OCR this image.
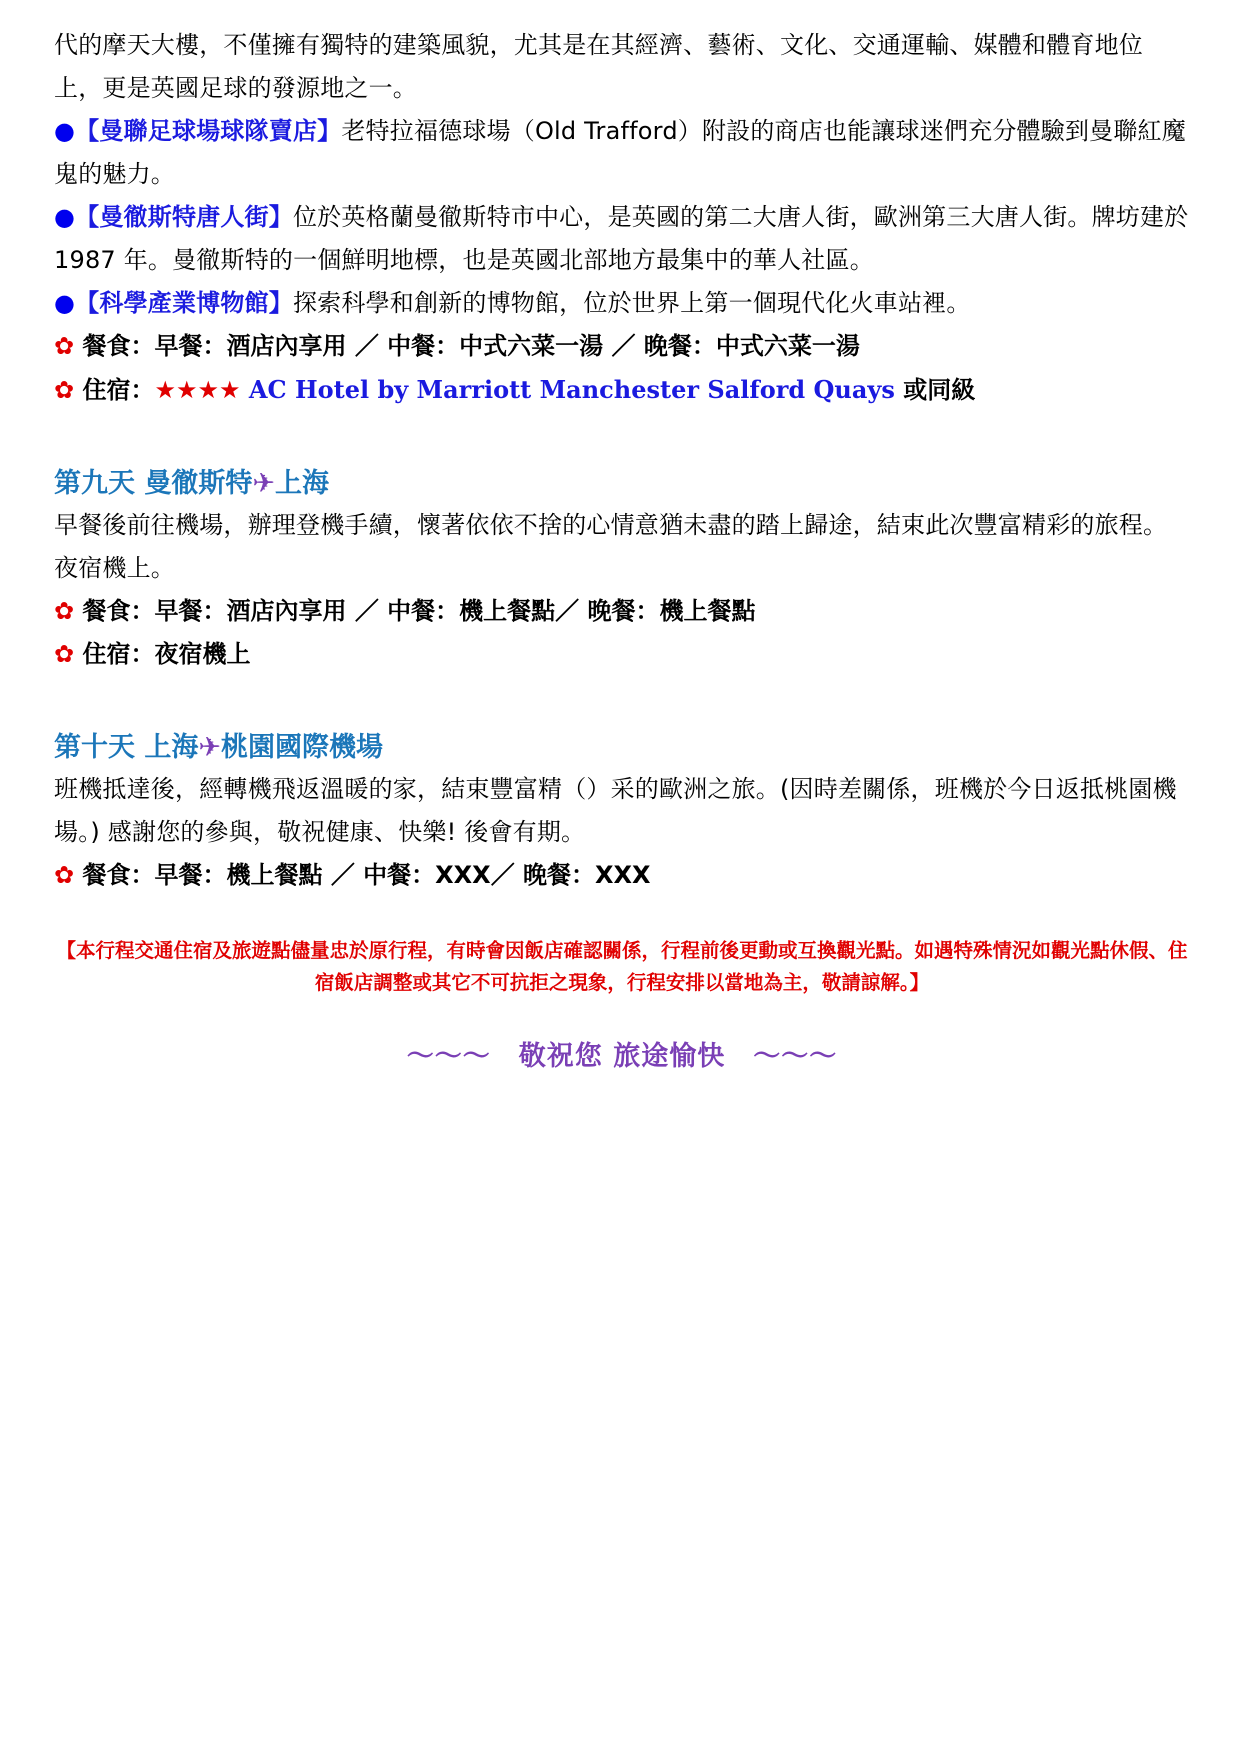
代的摩天大樓，不僅擁有獨特的建築風貌，尤其是在其經濟、藝術、文化、交通運輸、媒體和體育地位上，更是英國足球的發源地之一。

●【曼聯足球場球隊賣店】老特拉福德球場（Old Trafford）附設的商店也能讓球迷們充分體驗到曼聯紅魔鬼的魅力。

●【曼徹斯特唐人街】位於英格蘭曼徹斯特市中心，是英國的第二大唐人街，歐洲第三大唐人街。牌坊建於 1987 年。曼徹斯特的一個鮮明地標，也是英國北部地方最集中的華人社區。

●【科學產業博物館】探索科學和創新的博物館，位於世界上第一個現代化火車站裡。

✿ 餐食：早餐：酒店內享用 ／ 中餐：中式六菜一湯 ／ 晚餐：中式六菜一湯

✿ 住宿：★★★★ AC Hotel by Marriott Manchester Salford Quays 或同級

第九天 曼徹斯特✈上海

早餐後前往機場，辦理登機手續，懷著依依不捨的心情意猶未盡的踏上歸途，結束此次豐富精彩的旅程。夜宿機上。

✿ 餐食：早餐：酒店內享用 ／ 中餐：機上餐點／ 晚餐：機上餐點

✿ 住宿：夜宿機上

第十天 上海✈桃園國際機場

班機抵達後，經轉機飛返溫暖的家，結束豐富精（）采的歐洲之旅。(因時差關係，班機於今日返抵桃園機場。) 感謝您的參與，敬祝健康、快樂! 後會有期。

✿ 餐食：早餐：機上餐點 ／ 中餐：XXX／ 晚餐：XXX

【本行程交通住宿及旅遊點儘量忠於原行程，有時會因飯店確認關係，行程前後更動或互換觀光點。如遇特殊情況如觀光點休假、住宿飯店調整或其它不可抗拒之現象，行程安排以當地為主，敬請諒解。】

～～～　敬祝您 旅途愉快　～～～
